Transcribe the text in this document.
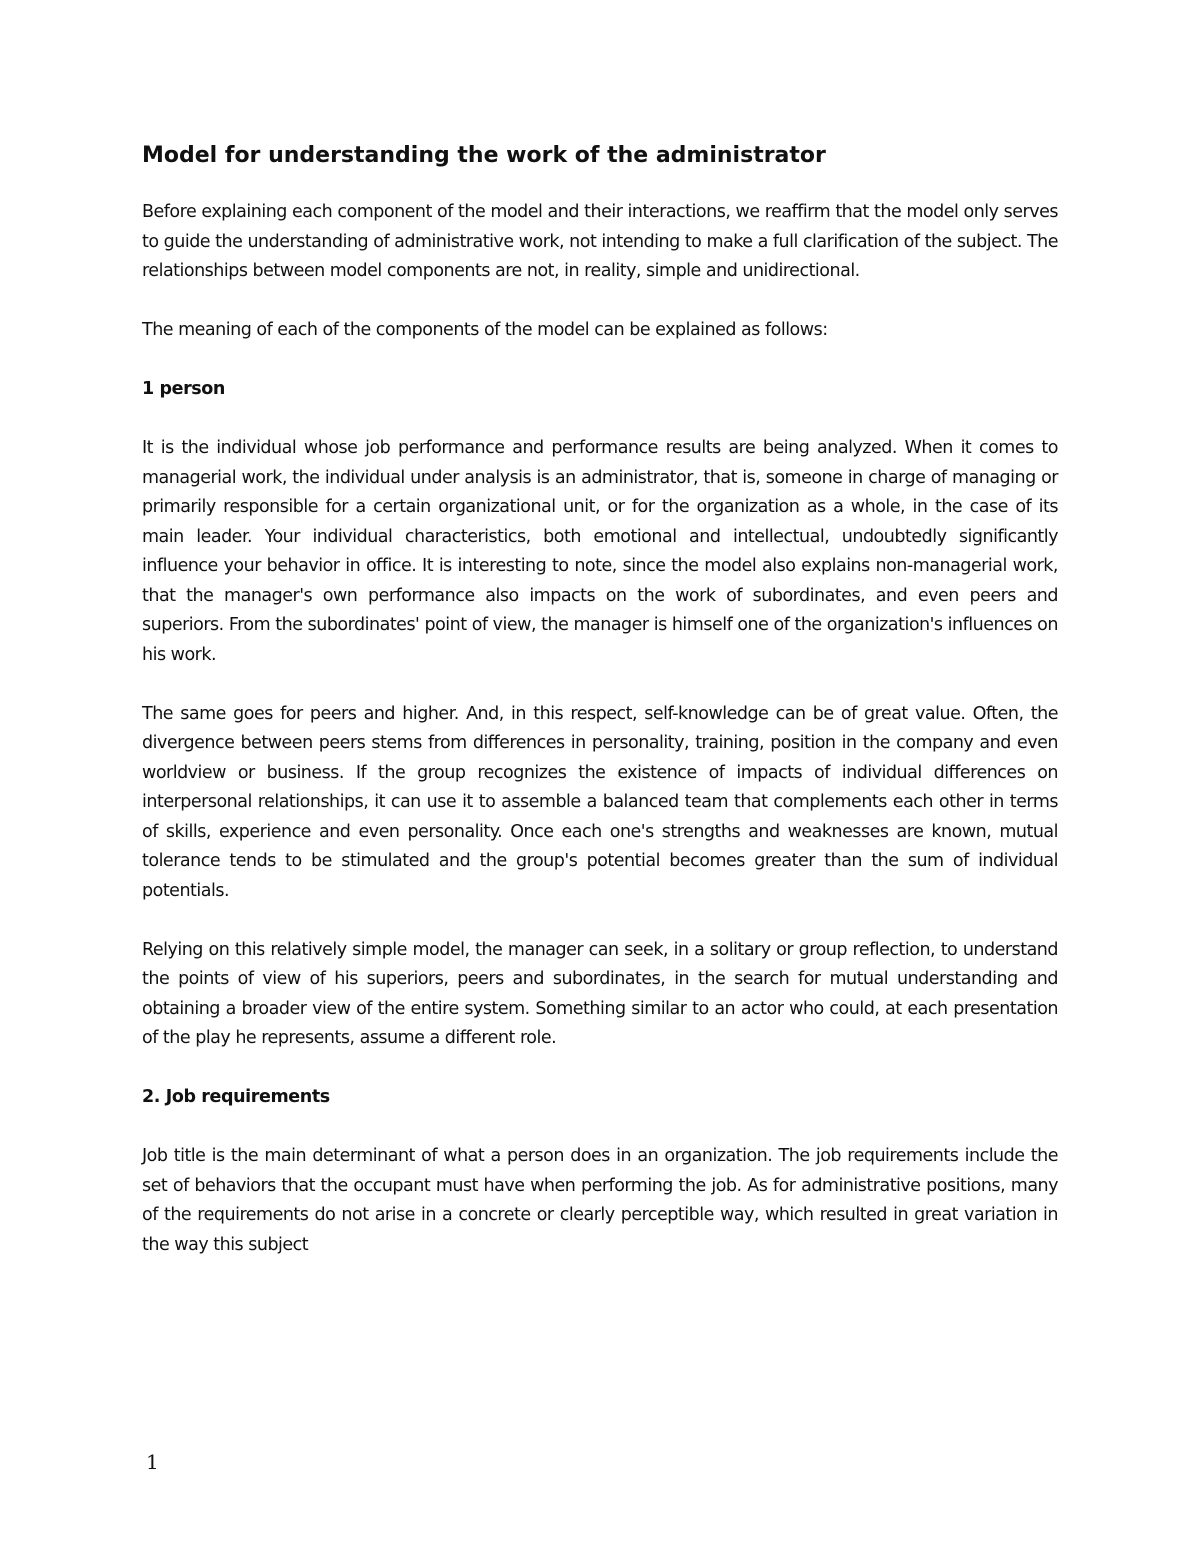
Model for understanding the work of the administrator

Before explaining each component of the model and their interactions, we reaffirm that the model only serves to guide the understanding of administrative work, not intending to make a full clarification of the subject. The relationships between model components are not, in reality, simple and unidirectional.

The meaning of each of the components of the model can be explained as follows:

1 person

It is the individual whose job performance and performance results are being analyzed. When it comes to managerial work, the individual under analysis is an administrator, that is, someone in charge of managing or primarily responsible for a certain organizational unit, or for the organization as a whole, in the case of its main leader. Your individual characteristics, both emotional and intellectual, undoubtedly significantly influence your behavior in office. It is interesting to note, since the model also explains non-managerial work, that the manager's own performance also impacts on the work of subordinates, and even peers and superiors. From the subordinates' point of view, the manager is himself one of the organization's influences on his work.

The same goes for peers and higher. And, in this respect, self-knowledge can be of great value. Often, the divergence between peers stems from differences in personality, training, position in the company and even worldview or business. If the group recognizes the existence of impacts of individual differences on interpersonal relationships, it can use it to assemble a balanced team that complements each other in terms of skills, experience and even personality. Once each one's strengths and weaknesses are known, mutual tolerance tends to be stimulated and the group's potential becomes greater than the sum of individual potentials.

Relying on this relatively simple model, the manager can seek, in a solitary or group reflection, to understand the points of view of his superiors, peers and subordinates, in the search for mutual understanding and obtaining a broader view of the entire system. Something similar to an actor who could, at each presentation of the play he represents, assume a different role.

2. Job requirements

Job title is the main determinant of what a person does in an organization. The job requirements include the set of behaviors that the occupant must have when performing the job. As for administrative positions, many of the requirements do not arise in a concrete or clearly perceptible way, which resulted in great variation in the way this subject

1
